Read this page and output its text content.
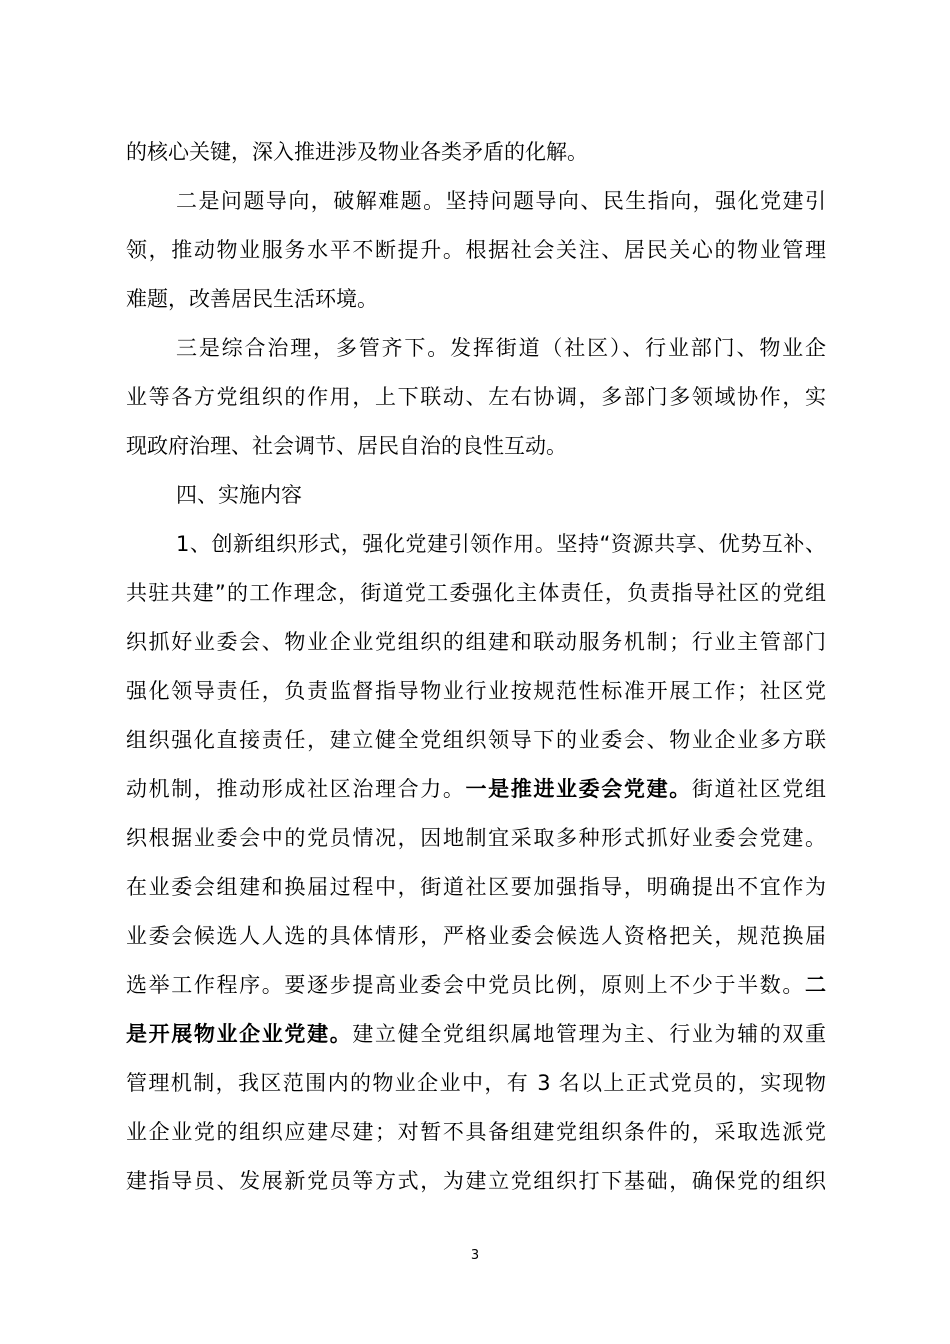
的核心关键，深入推进涉及物业各类矛盾的化解。
二是问题导向，破解难题。坚持问题导向、民生指向，强化党建引
领，推动物业服务水平不断提升。根据社会关注、居民关心的物业管理
难题，改善居民生活环境。
三是综合治理，多管齐下。发挥街道（社区）、行业部门、物业企
业等各方党组织的作用，上下联动、左右协调，多部门多领域协作，实
现政府治理、社会调节、居民自治的良性互动。
四、实施内容
1、创新组织形式，强化党建引领作用。坚持“资源共享、优势互补、
共驻共建”的工作理念，街道党工委强化主体责任，负责指导社区的党组
织抓好业委会、物业企业党组织的组建和联动服务机制；行业主管部门
强化领导责任，负责监督指导物业行业按规范性标准开展工作；社区党
组织强化直接责任，建立健全党组织领导下的业委会、物业企业多方联
动机制，推动形成社区治理合力。一是推进业委会党建。街道社区党组
织根据业委会中的党员情况，因地制宜采取多种形式抓好业委会党建。
在业委会组建和换届过程中，街道社区要加强指导，明确提出不宜作为
业委会候选人人选的具体情形，严格业委会候选人资格把关，规范换届
选举工作程序。要逐步提高业委会中党员比例，原则上不少于半数。二
是开展物业企业党建。建立健全党组织属地管理为主、行业为辅的双重
管理机制，我区范围内的物业企业中，有 3 名以上正式党员的，实现物
业企业党的组织应建尽建；对暂不具备组建党组织条件的，采取选派党
建指导员、发展新党员等方式，为建立党组织打下基础，确保党的组织
3
